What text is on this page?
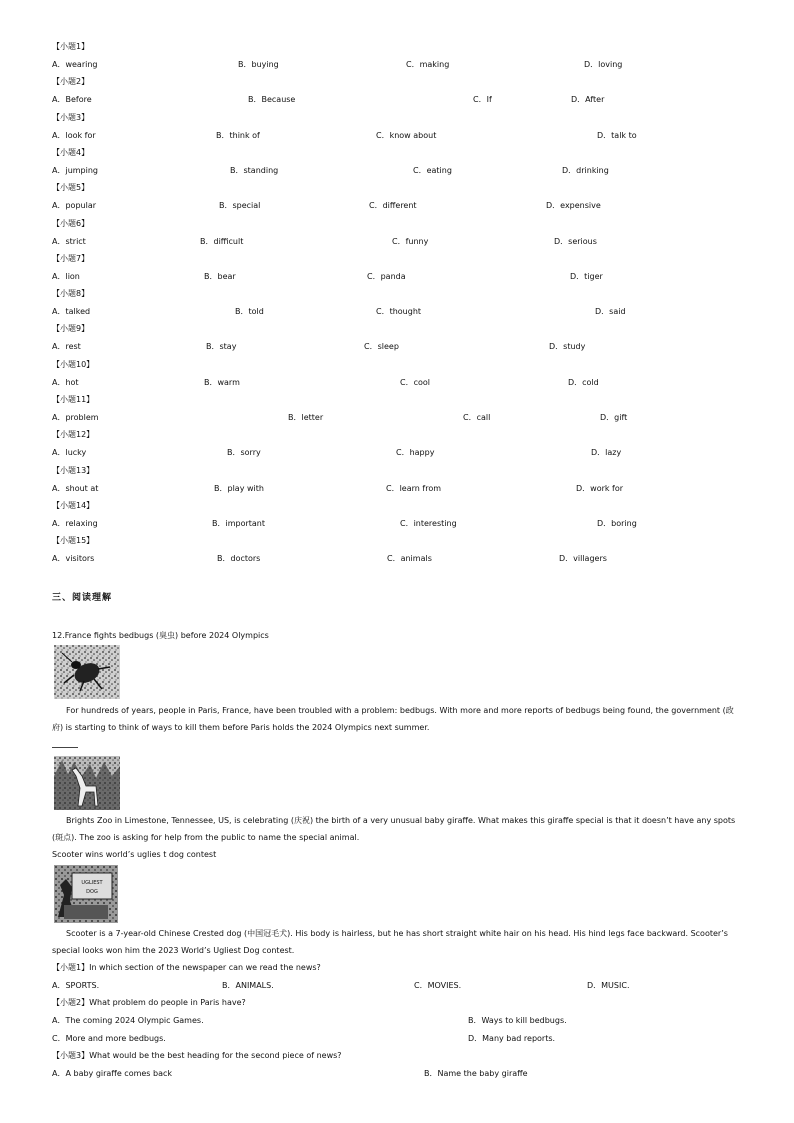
【小题1】
A．wearing	B．buying	C．making	D．loving
【小题2】
A．Before	B．Because	C．If	D．After
【小题3】
A．look for	B．think of	C．know about	D．talk to
【小题4】
A．jumping	B．standing	C．eating	D．drinking
【小题5】
A．popular	B．special	C．different	D．expensive
【小题6】
A．strict	B．difficult	C．funny	D．serious
【小题7】
A．lion	B．bear	C．panda	D．tiger
【小题8】
A．talked	B．told	C．thought	D．said
【小题9】
A．rest	B．stay	C．sleep	D．study
【小题10】
A．hot	B．warm	C．cool	D．cold
【小题11】
A．problem	B．letter	C．call	D．gift
【小题12】
A．lucky	B．sorry	C．happy	D．lazy
【小题13】
A．shout at	B．play with	C．learn from	D．work for
【小题14】
A．relaxing	B．important	C．interesting	D．boring
【小题15】
A．visitors	B．doctors	C．animals	D．villagers
三、阅读理解
12.France fights bedbugs (臭虫) before 2024 Olympics
For hundreds of years, people in Paris, France, have been troubled with a problem: bedbugs. With more and more reports of bedbugs being found, the government (政府) is starting to think of ways to kill them before Paris holds the 2024 Olympics next summer.
Brights Zoo in Limestone, Tennessee, US, is celebrating (庆祝) the birth of a very unusual baby giraffe. What makes this giraffe special is that it doesn’t have any spots (斑点). The zoo is asking for help from the public to name the special animal.
Scooter wins world’s uglies t dog contest
UGLIEST
DOG
Scooter is a 7-year-old Chinese Crested dog (中国冠毛犬). His body is hairless, but he has short straight white hair on his head. His hind legs face backward. Scooter’s special looks won him the 2023 World’s Ugliest Dog contest.
【小题1】In which section of the newspaper can we read the news?
A．SPORTS.	B．ANIMALS.	C．MOVIES.	D．MUSIC.
【小题2】What problem do people in Paris have?
A．The coming 2024 Olympic Games.	B．Ways to kill bedbugs.
C．More and more bedbugs.	D．Many bad reports.
【小题3】What would be the best heading for the second piece of news?
A．A baby giraffe comes back	B．Name the baby giraffe
